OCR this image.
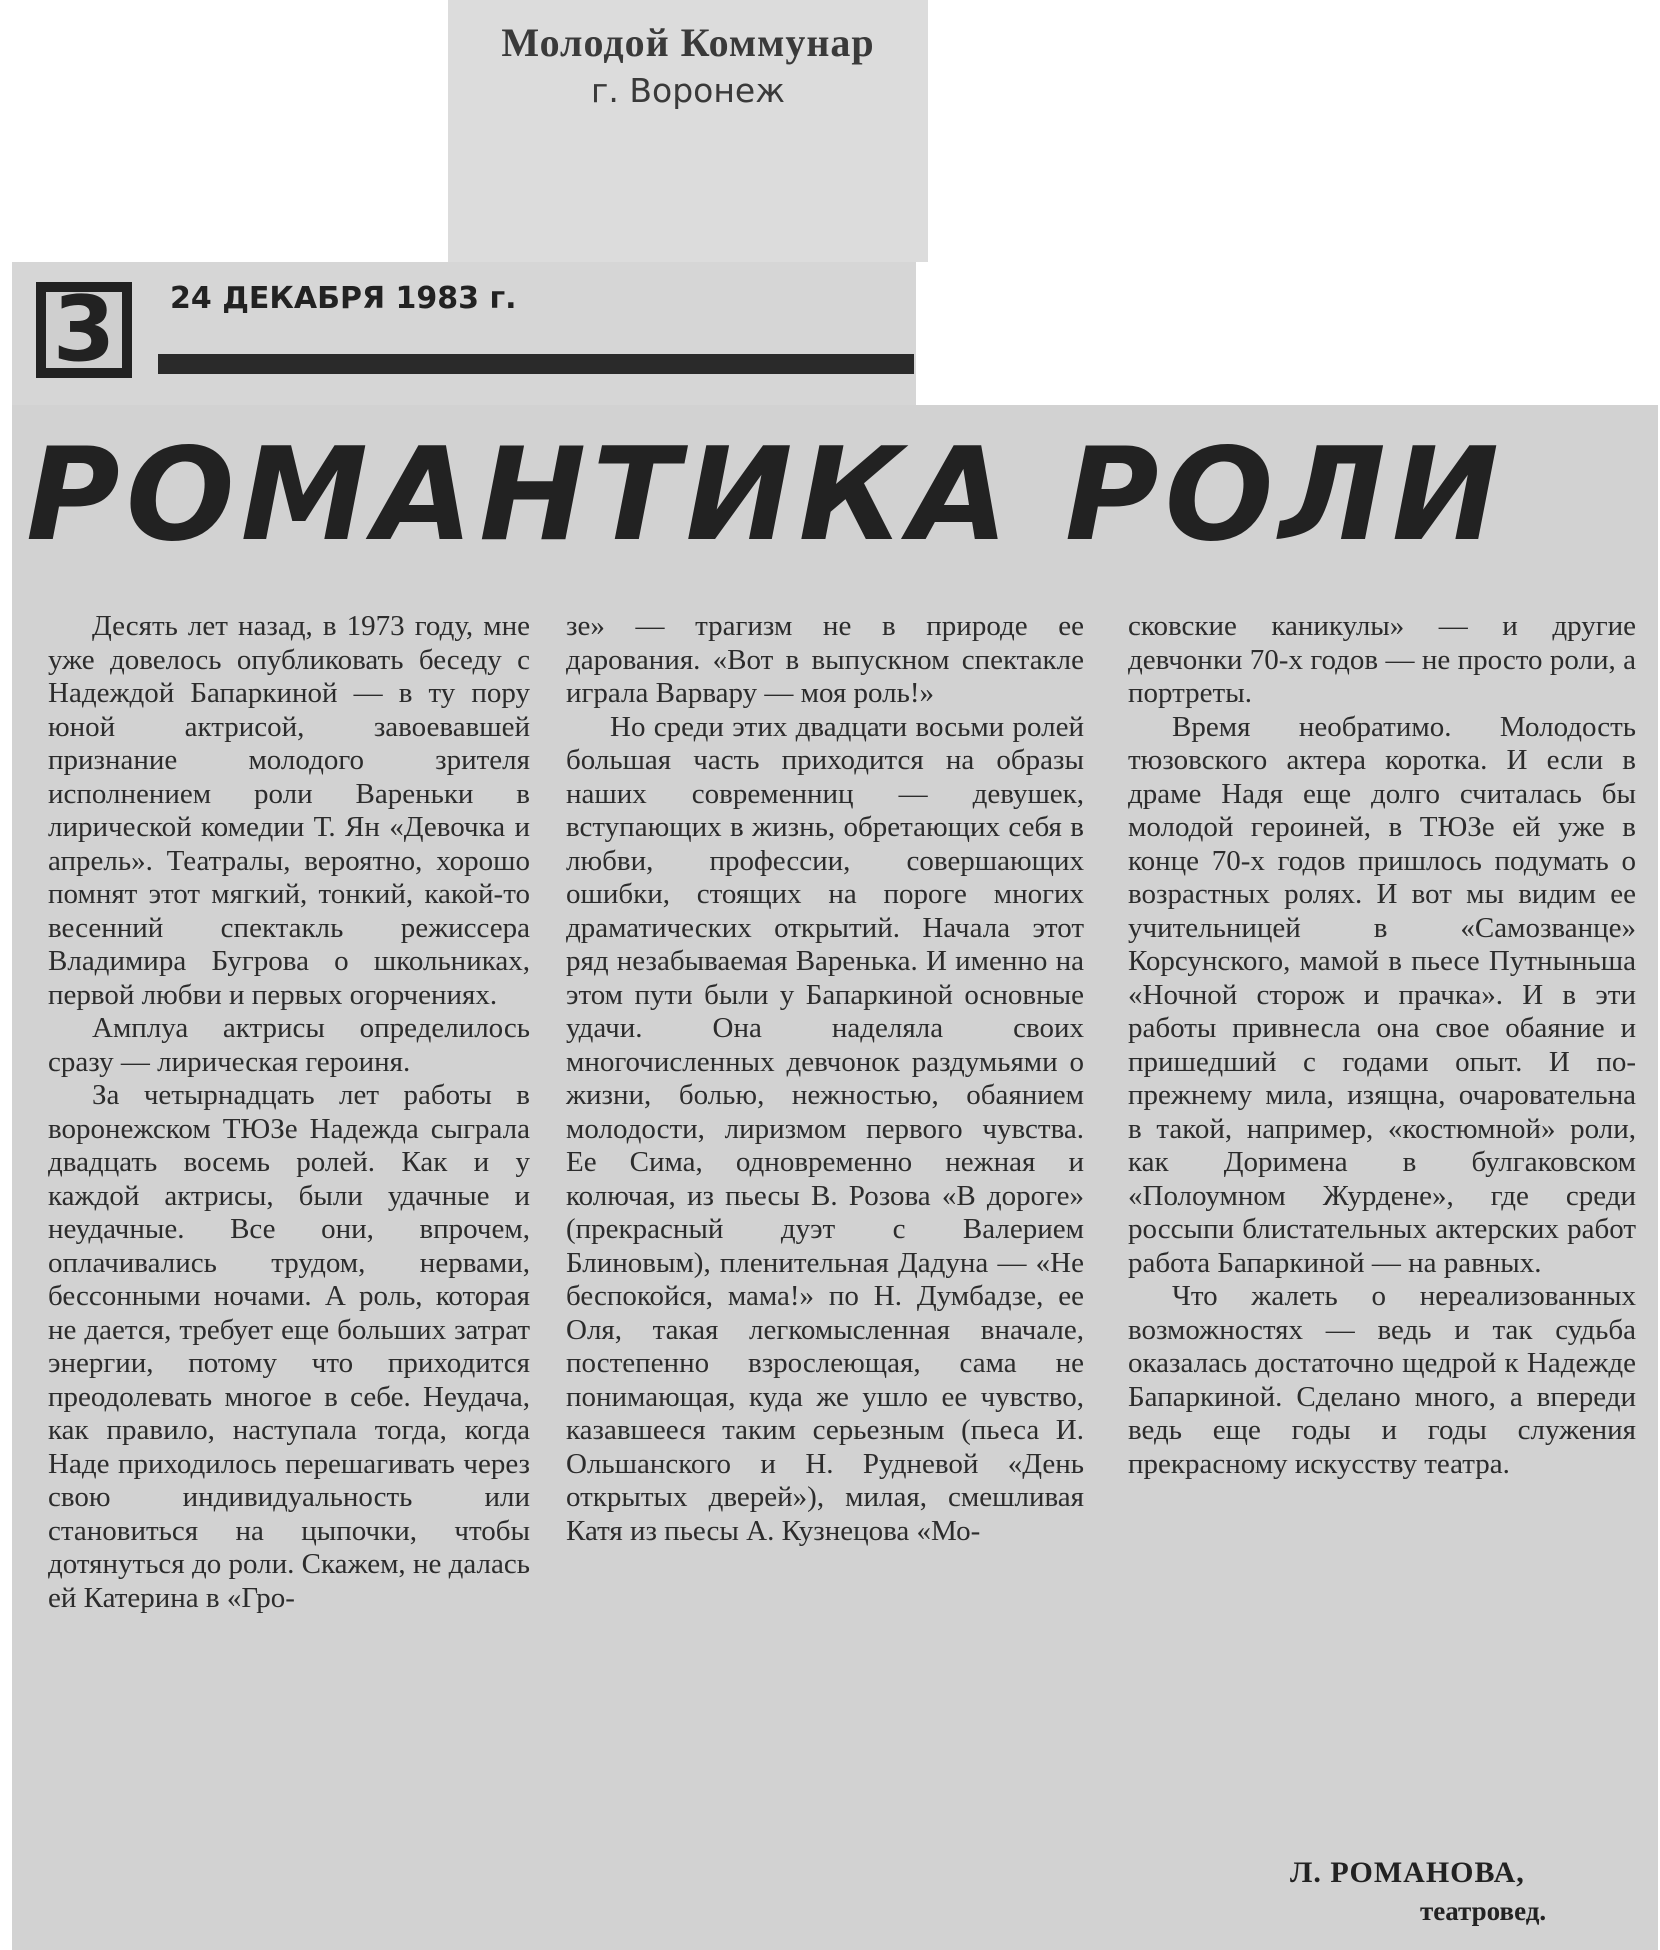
Молодой Коммунар
г. Воронеж
3	24 ДЕКАБРЯ 1983 г.
РОМАНТИКА РОЛИ

Десять лет назад, в 1973 году, мне уже довелось опубликовать беседу с Надеждой Бапаркиной — в ту пору юной актрисой, завоевавшей признание молодого зрителя исполнением роли Вареньки в лирической комедии Т. Ян «Девочка и апрель». Театралы, вероятно, хорошо помнят этот мягкий, тонкий, какой-то весенний спектакль режиссера Владимира Бугрова о школьниках, первой любви и первых огорчениях.

Амплуа актрисы определилось сразу — лирическая героиня.

За четырнадцать лет работы в воронежском ТЮЗе Надежда сыграла двадцать восемь ролей. Как и у каждой актрисы, были удачные и неудачные. Все они, впрочем, оплачивались трудом, нервами, бессонными ночами. А роль, которая не дается, требует еще больших затрат энергии, потому что приходится преодолевать многое в себе. Неудача, как правило, наступала тогда, когда Наде приходилось перешагивать через свою индивидуальность или становиться на цыпочки, чтобы дотянуться до роли. Скажем, не далась ей Катерина в «Гро-

зе» — трагизм не в природе ее дарования. «Вот в выпускном спектакле играла Варвару — моя роль!»

Но среди этих двадцати восьми ролей большая часть приходится на образы наших современниц — девушек, вступающих в жизнь, обретающих себя в любви, профессии, совершающих ошибки, стоящих на пороге многих драматических открытий. Начала этот ряд незабываемая Варенька. И именно на этом пути были у Бапаркиной основные удачи. Она наделяла своих многочисленных девчонок раздумьями о жизни, болью, нежностью, обаянием молодости, лиризмом первого чувства. Ее Сима, одновременно нежная и колючая, из пьесы В. Розова «В дороге» (прекрасный дуэт с Валерием Блиновым), пленительная Дадуна — «Не беспокойся, мама!» по Н. Думбадзе, ее Оля, такая легкомысленная вначале, постепенно взрослеющая, сама не понимающая, куда же ушло ее чувство, казавшееся таким серьезным (пьеса И. Ольшанского и Н. Рудневой «День открытых дверей»), милая, смешливая Катя из пьесы А. Кузнецова «Мо-

сковские каникулы» — и другие девчонки 70-х годов — не просто роли, а портреты.

Время необратимо. Молодость тюзовского актера коротка. И если в драме Надя еще долго считалась бы молодой героиней, в ТЮЗе ей уже в конце 70-х годов пришлось подумать о возрастных ролях. И вот мы видим ее учительницей в «Самозванце» Корсунского, мамой в пьесе Путныньша «Ночной сторож и прачка». И в эти работы привнесла она свое обаяние и пришедший с годами опыт. И по-прежнему мила, изящна, очаровательна в такой, например, «костюмной» роли, как Доримена в булгаковском «Полоумном Журдене», где среди россыпи блистательных актерских работ работа Бапаркиной — на равных.

Что жалеть о нереализованных возможностях — ведь и так судьба оказалась достаточно щедрой к Надежде Бапаркиной. Сделано много, а впереди ведь еще годы и годы служения прекрасному искусству театра.

Л. РОМАНОВА,
театровед.
